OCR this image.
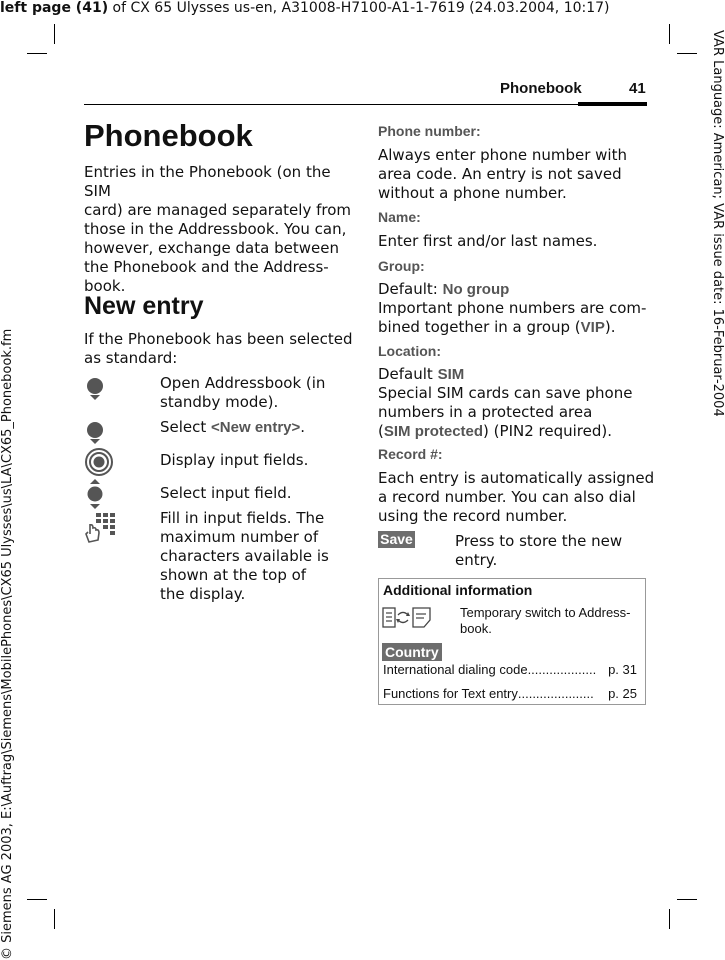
left page (41) of CX 65 Ulysses us-en, A31008-H7100-A1-1-7619 (24.03.2004, 10:17)
VAR Language: American; VAR issue date: 16-Februar-2004
© Siemens AG 2003, E:\Auftrag\Siemens\MobilePhones\CX65 Ulysses\us\LA\CX65_Phonebook.fm
Phonebook	41
Phonebook
Entries in the Phonebook (on the SIM
card) are managed separately from
those in the Addressbook. You can,
however, exchange data between
the Phonebook and the Address-
book.
New entry
If the Phonebook has been selected
as standard:
Open Addressbook (in
standby mode).
Select <New entry>.
Display input fields.
Select input field.
Fill in input fields. The
maximum number of
characters available is
shown at the top of
the display.
Phone number:
Always enter phone number with
area code. An entry is not saved
without a phone number.
Name:
Enter first and/or last names.
Group:
Default: No group
Important phone numbers are com-
bined together in a group (VIP).
Location:
Default SIM
Special SIM cards can save phone
numbers in a protected area
(SIM protected) (PIN2 required).
Record #:
Each entry is automatically assigned
a record number. You can also dial
using the record number.
Save	Press to store the new
entry.
Additional information
Temporary switch to Address-
book.
Country
International dialing code ................... p. 31
Functions for Text entry .....................	p. 25
